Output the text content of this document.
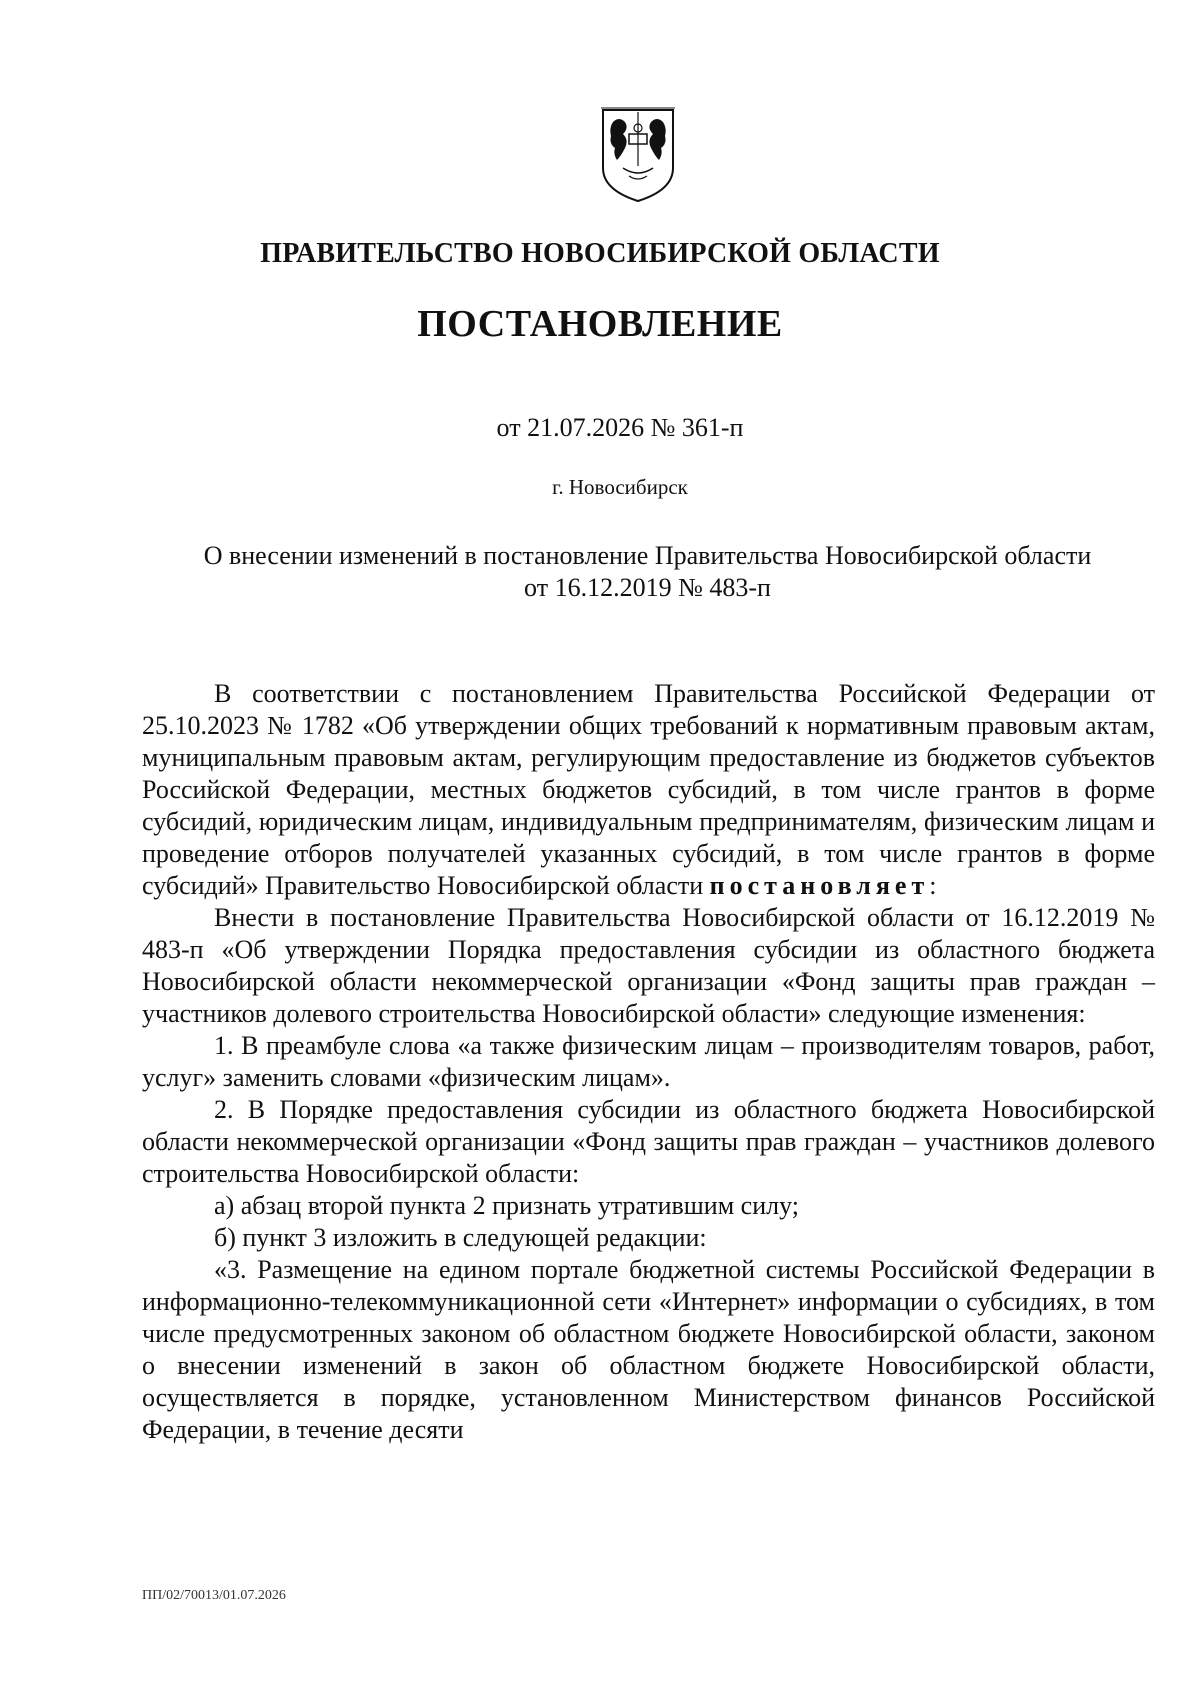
ПРАВИТЕЛЬСТВО НОВОСИБИРСКОЙ ОБЛАСТИ
ПОСТАНОВЛЕНИЕ
от 21.07.2026 № 361-п
г. Новосибирск
О внесении изменений в постановление Правительства Новосибирской области
от 16.12.2019 № 483-п

В соответствии с постановлением Правительства Российской Федерации от 25.10.2023 № 1782 «Об утверждении общих требований к нормативным правовым актам, муниципальным правовым актам, регулирующим предоставление из бюджетов субъектов Российской Федерации, местных бюджетов субсидий, в том числе грантов в форме субсидий, юридическим лицам, индивидуальным предпринимателям, физическим лицам и проведение отборов получателей указанных субсидий, в том числе грантов в форме субсидий» Правительство Новосибирской области постановляет:

Внести в постановление Правительства Новосибирской области от 16.12.2019 № 483-п «Об утверждении Порядка предоставления субсидии из областного бюджета Новосибирской области некоммерческой организации «Фонд защиты прав граждан – участников долевого строительства Новосибирской области» следующие изменения:

1. В преамбуле слова «а также физическим лицам – производителям товаров, работ, услуг» заменить словами «физическим лицам».

2. В Порядке предоставления субсидии из областного бюджета Новосибирской области некоммерческой организации «Фонд защиты прав граждан – участников долевого строительства Новосибирской области:

а) абзац второй пункта 2 признать утратившим силу;

б) пункт 3 изложить в следующей редакции:

«3. Размещение на едином портале бюджетной системы Российской Федерации в информационно-телекоммуникационной сети «Интернет» информации о субсидиях, в том числе предусмотренных законом об областном бюджете Новосибирской области, законом о внесении изменений в закон об областном бюджете Новосибирской области, осуществляется в порядке, установленном Министерством финансов Российской Федерации, в течение десяти

ПП/02/70013/01.07.2026
